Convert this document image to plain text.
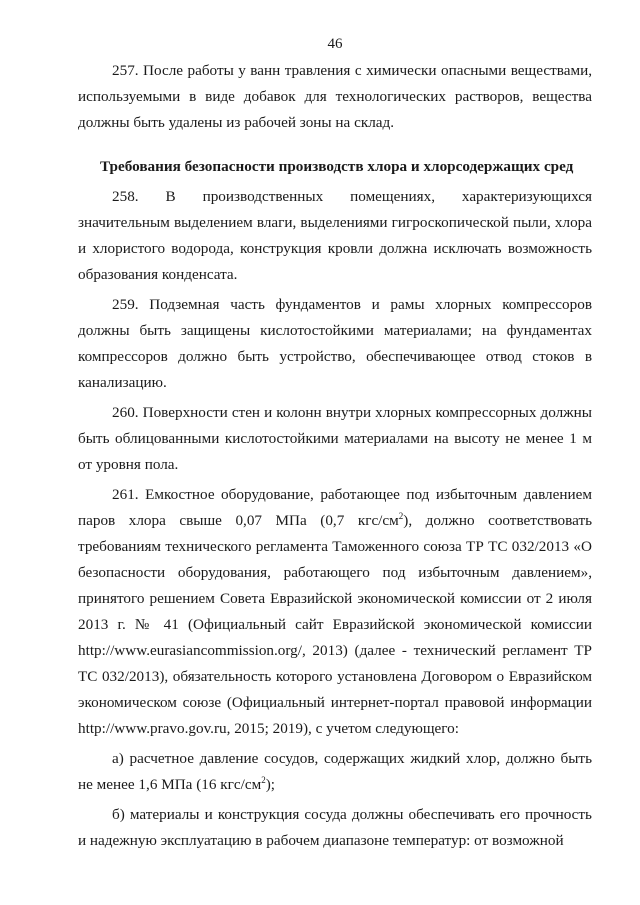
46

257. После работы у ванн травления с химически опасными веществами, используемыми в виде добавок для технологических растворов, вещества должны быть удалены из рабочей зоны на склад.

Требования безопасности производств хлора и хлорсодержащих сред

258. В производственных помещениях, характеризующихся значительным выделением влаги, выделениями гигроскопической пыли, хлора и хлористого водорода, конструкция кровли должна исключать возможность образования конденсата.

259. Подземная часть фундаментов и рамы хлорных компрессоров должны быть защищены кислотостойкими материалами; на фундаментах компрессоров должно быть устройство, обеспечивающее отвод стоков в канализацию.

260. Поверхности стен и колонн внутри хлорных компрессорных должны быть облицованными кислотостойкими материалами на высоту не менее 1 м от уровня пола.

261. Емкостное оборудование, работающее под избыточным давлением паров хлора свыше 0,07 МПа (0,7 кгс/$см^2$), должно соответствовать требованиям технического регламента Таможенного союза ТР ТС 032/2013 «О безопасности оборудования, работающего под избыточным давлением», принятого решением Совета Евразийской экономической комиссии от 2 июля 2013 г. № 41 (Официальный сайт Евразийской экономической комиссии http://www.eurasiancommission.org/, 2013) (далее - технический регламент ТР ТС 032/2013), обязательность которого установлена Договором о Евразийском экономическом союзе (Официальный интернет-портал правовой информации http://www.pravo.gov.ru, 2015; 2019), с учетом следующего:

а) расчетное давление сосудов, содержащих жидкий хлор, должно быть не менее 1,6 МПа (16 кгс/$см^2$);

б) материалы и конструкция сосуда должны обеспечивать его прочность и надежную эксплуатацию в рабочем диапазоне температур: от возможной
